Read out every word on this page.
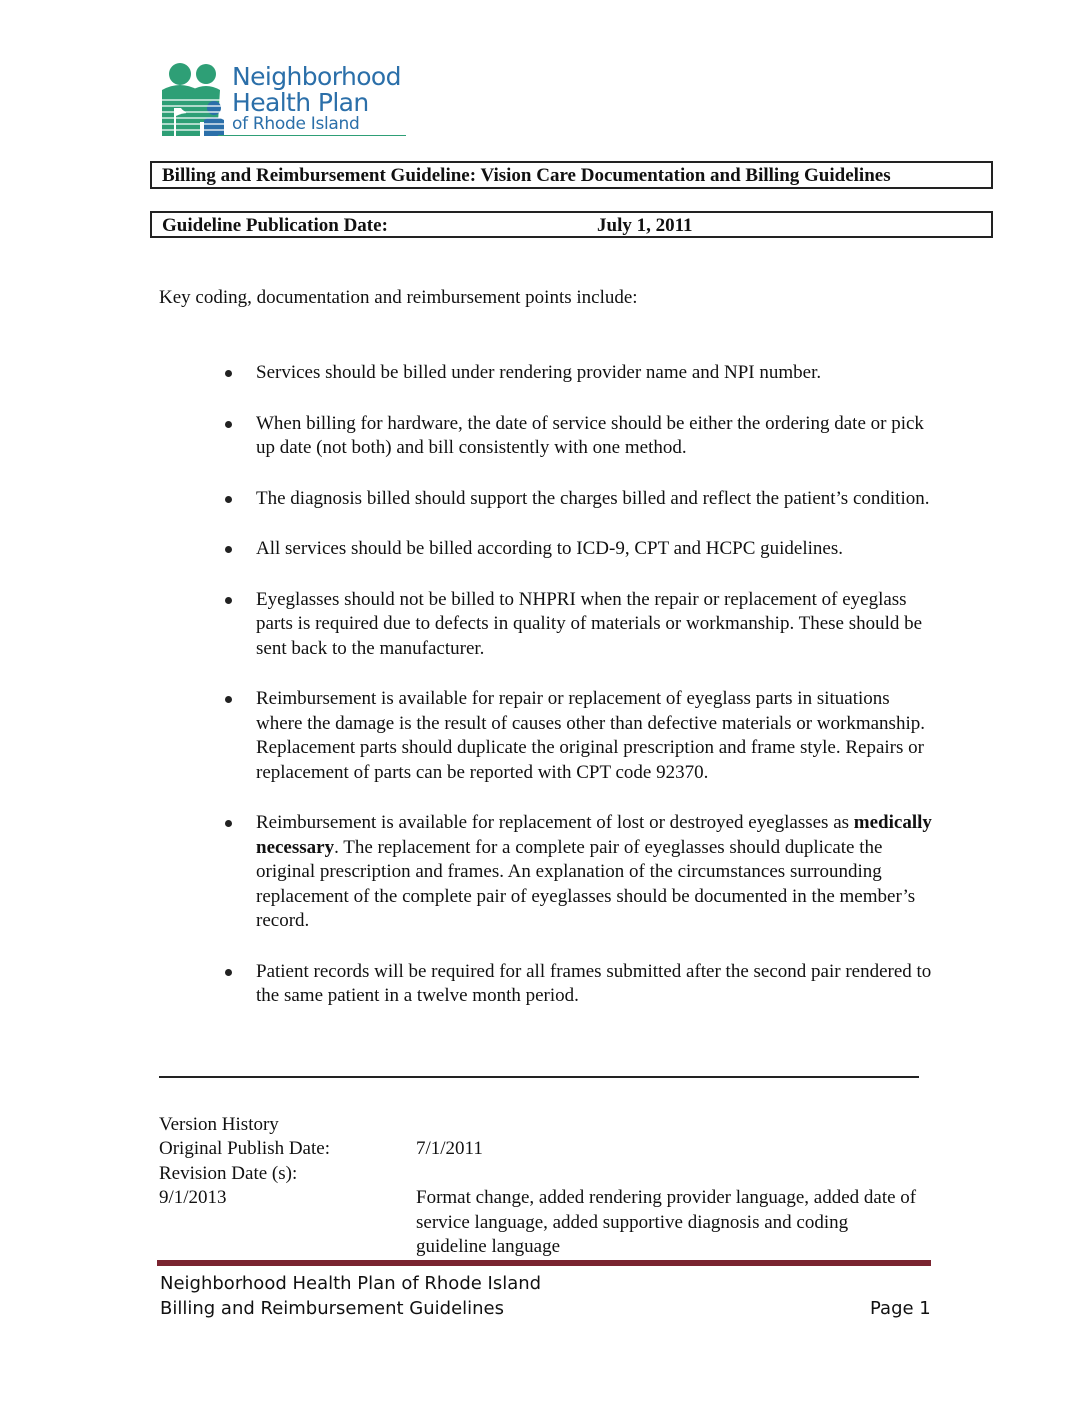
Neighborhood
Health Plan
of Rhode Island
Billing and Reimbursement Guideline: Vision Care Documentation and Billing Guidelines
Guideline Publication Date:	July 1, 2011
Key coding, documentation and reimbursement points include:
Services should be billed under rendering provider name and NPI number.
When billing for hardware, the date of service should be either the ordering date or pick up date (not both) and bill consistently with one method.
The diagnosis billed should support the charges billed and reflect the patient’s condition.
All services should be billed according to ICD-9, CPT and HCPC guidelines.
Eyeglasses should not be billed to NHPRI when the repair or replacement of eyeglass parts is required due to defects in quality of materials or workmanship. These should be sent back to the manufacturer.
Reimbursement is available for repair or replacement of eyeglass parts in situations where the damage is the result of causes other than defective materials or workmanship. Replacement parts should duplicate the original prescription and frame style. Repairs or replacement of parts can be reported with CPT code 92370.
Reimbursement is available for replacement of lost or destroyed eyeglasses as medically necessary. The replacement for a complete pair of eyeglasses should duplicate the original prescription and frames. An explanation of the circumstances surrounding replacement of the complete pair of eyeglasses should be documented in the member’s record.
Patient records will be required for all frames submitted after the second pair rendered to the same patient in a twelve month period.
Version History
Original Publish Date:	7/1/2011
Revision Date (s):
9/1/2013	Format change, added rendering provider language, added date of service language, added supportive diagnosis and coding guideline language
Neighborhood Health Plan of Rhode Island
Billing and Reimbursement Guidelines	Page 1
